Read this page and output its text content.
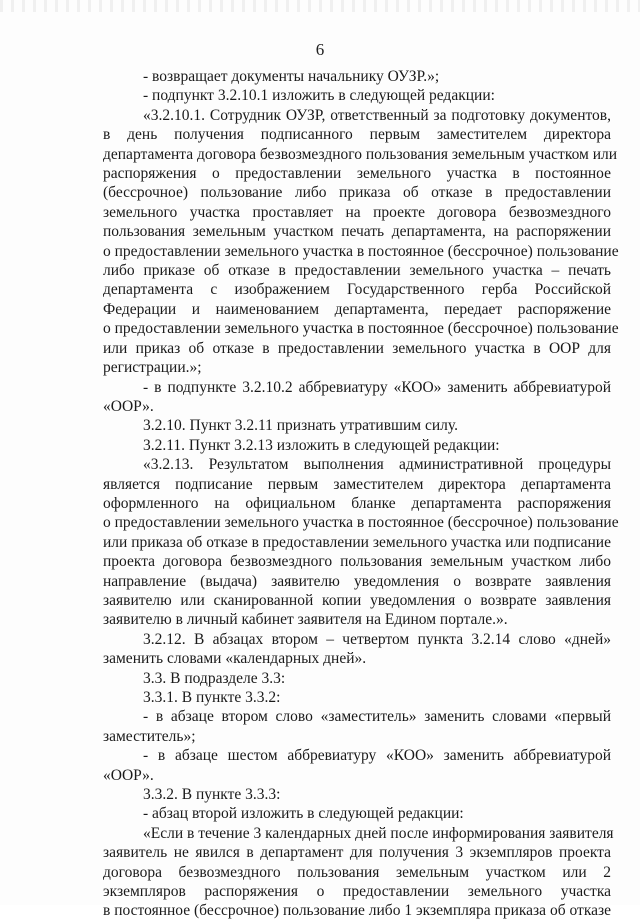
6
- возвращает документы начальнику ОУЗР.»;
- подпункт 3.2.10.1 изложить в следующей редакции:
«3.2.10.1. Сотрудник ОУЗР, ответственный за подготовку документов,
в день получения подписанного первым заместителем директора
департамента договора безвозмездного пользования земельным участком или
распоряжения о предоставлении земельного участка в постоянное
(бессрочное) пользование либо приказа об отказе в предоставлении
земельного участка проставляет на проекте договора безвозмездного
пользования земельным участком печать департамента, на распоряжении
о предоставлении земельного участка в постоянное (бессрочное) пользование
либо приказе об отказе в предоставлении земельного участка – печать
департамента с изображением Государственного герба Российской
Федерации и наименованием департамента, передает распоряжение
о предоставлении земельного участка в постоянное (бессрочное) пользование
или приказ об отказе в предоставлении земельного участка в ООР для
регистрации.»;
- в подпункте 3.2.10.2 аббревиатуру «КОО» заменить аббревиатурой
«ООР».
3.2.10. Пункт 3.2.11 признать утратившим силу.
3.2.11. Пункт 3.2.13 изложить в следующей редакции:
«3.2.13. Результатом выполнения административной процедуры
является подписание первым заместителем директора департамента
оформленного на официальном бланке департамента распоряжения
о предоставлении земельного участка в постоянное (бессрочное) пользование
или приказа об отказе в предоставлении земельного участка или подписание
проекта договора безвозмездного пользования земельным участком либо
направление (выдача) заявителю уведомления о возврате заявления
заявителю или сканированной копии уведомления о возврате заявления
заявителю в личный кабинет заявителя на Едином портале.».
3.2.12. В абзацах втором – четвертом пункта 3.2.14 слово «дней»
заменить словами «календарных дней».
3.3. В подразделе 3.3:
3.3.1. В пункте 3.3.2:
- в абзаце втором слово «заместитель» заменить словами «первый
заместитель»;
- в абзаце шестом аббревиатуру «КОО» заменить аббревиатурой
«ООР».
3.3.2. В пункте 3.3.3:
- абзац второй изложить в следующей редакции:
«Если в течение 3 календарных дней после информирования заявителя
заявитель не явился в департамент для получения 3 экземпляров проекта
договора безвозмездного пользования земельным участком или 2
экземпляров распоряжения о предоставлении земельного участка
в постоянное (бессрочное) пользование либо 1 экземпляра приказа об отказе
